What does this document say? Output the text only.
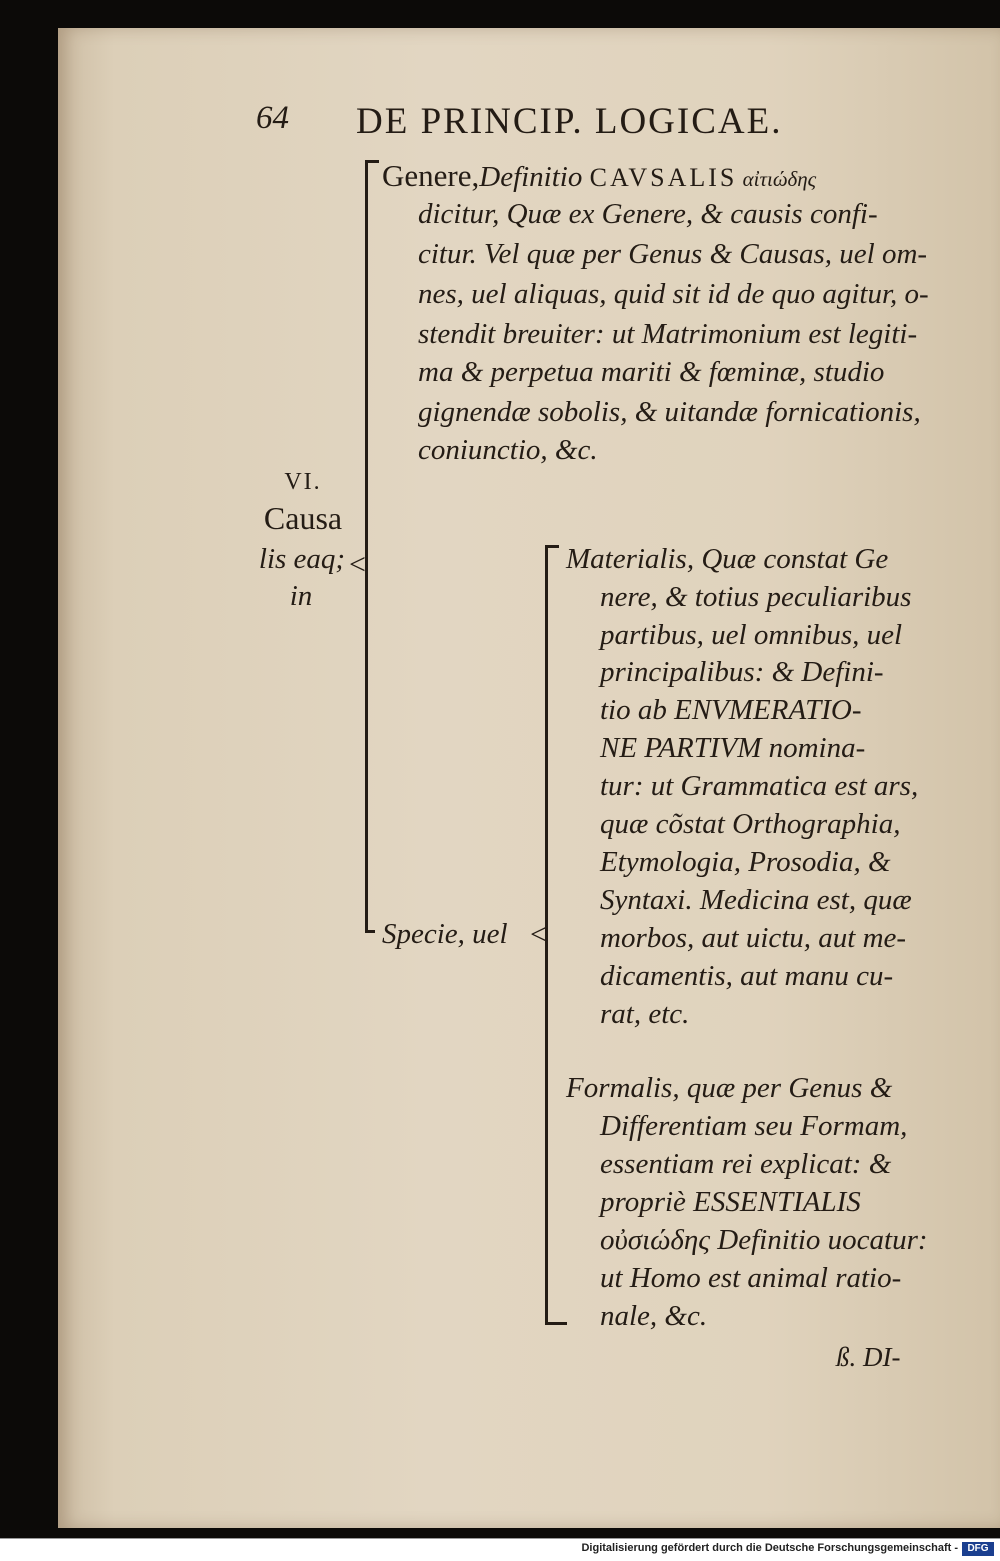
64 DE PRINCIP. LOGICAE.
<
VI.
Causa
lis eaq;
in
Genere,Definitio CAVSALIS αἰτιώδης
dicitur, Quæ ex Genere, & causis confi-
citur. Vel quæ per Genus & Causas, uel om-
nes, uel aliquas, quid sit id de quo agitur, o-
stendit breuiter: ut Matrimonium est legiti-
ma & perpetua mariti & fœminæ, studio
gignendæ sobolis, & uitandæ fornicationis,
coniunctio, &c.
Specie, uel <
Materialis, Quæ constat Ge
nere, & totius peculiaribus
partibus, uel omnibus, uel
principalibus: & Defini-
tio ab ENVMERATIO-
NE PARTIVM nomina-
tur: ut Grammatica est ars,
quæ cõstat Orthographia,
Etymologia, Prosodia, &
Syntaxi. Medicina est, quæ
morbos, aut uictu, aut me-
dicamentis, aut manu cu-
rat, etc.
Formalis, quæ per Genus &
Differentiam seu Formam,
essentiam rei explicat: &
propriè ESSENTIALIS
οὐσιώδης Definitio uocatur:
ut Homo est animal ratio-
nale, &c.
ß. DI-
Digitalisierung gefördert durch die Deutsche Forschungsgemeinschaft - DFG
